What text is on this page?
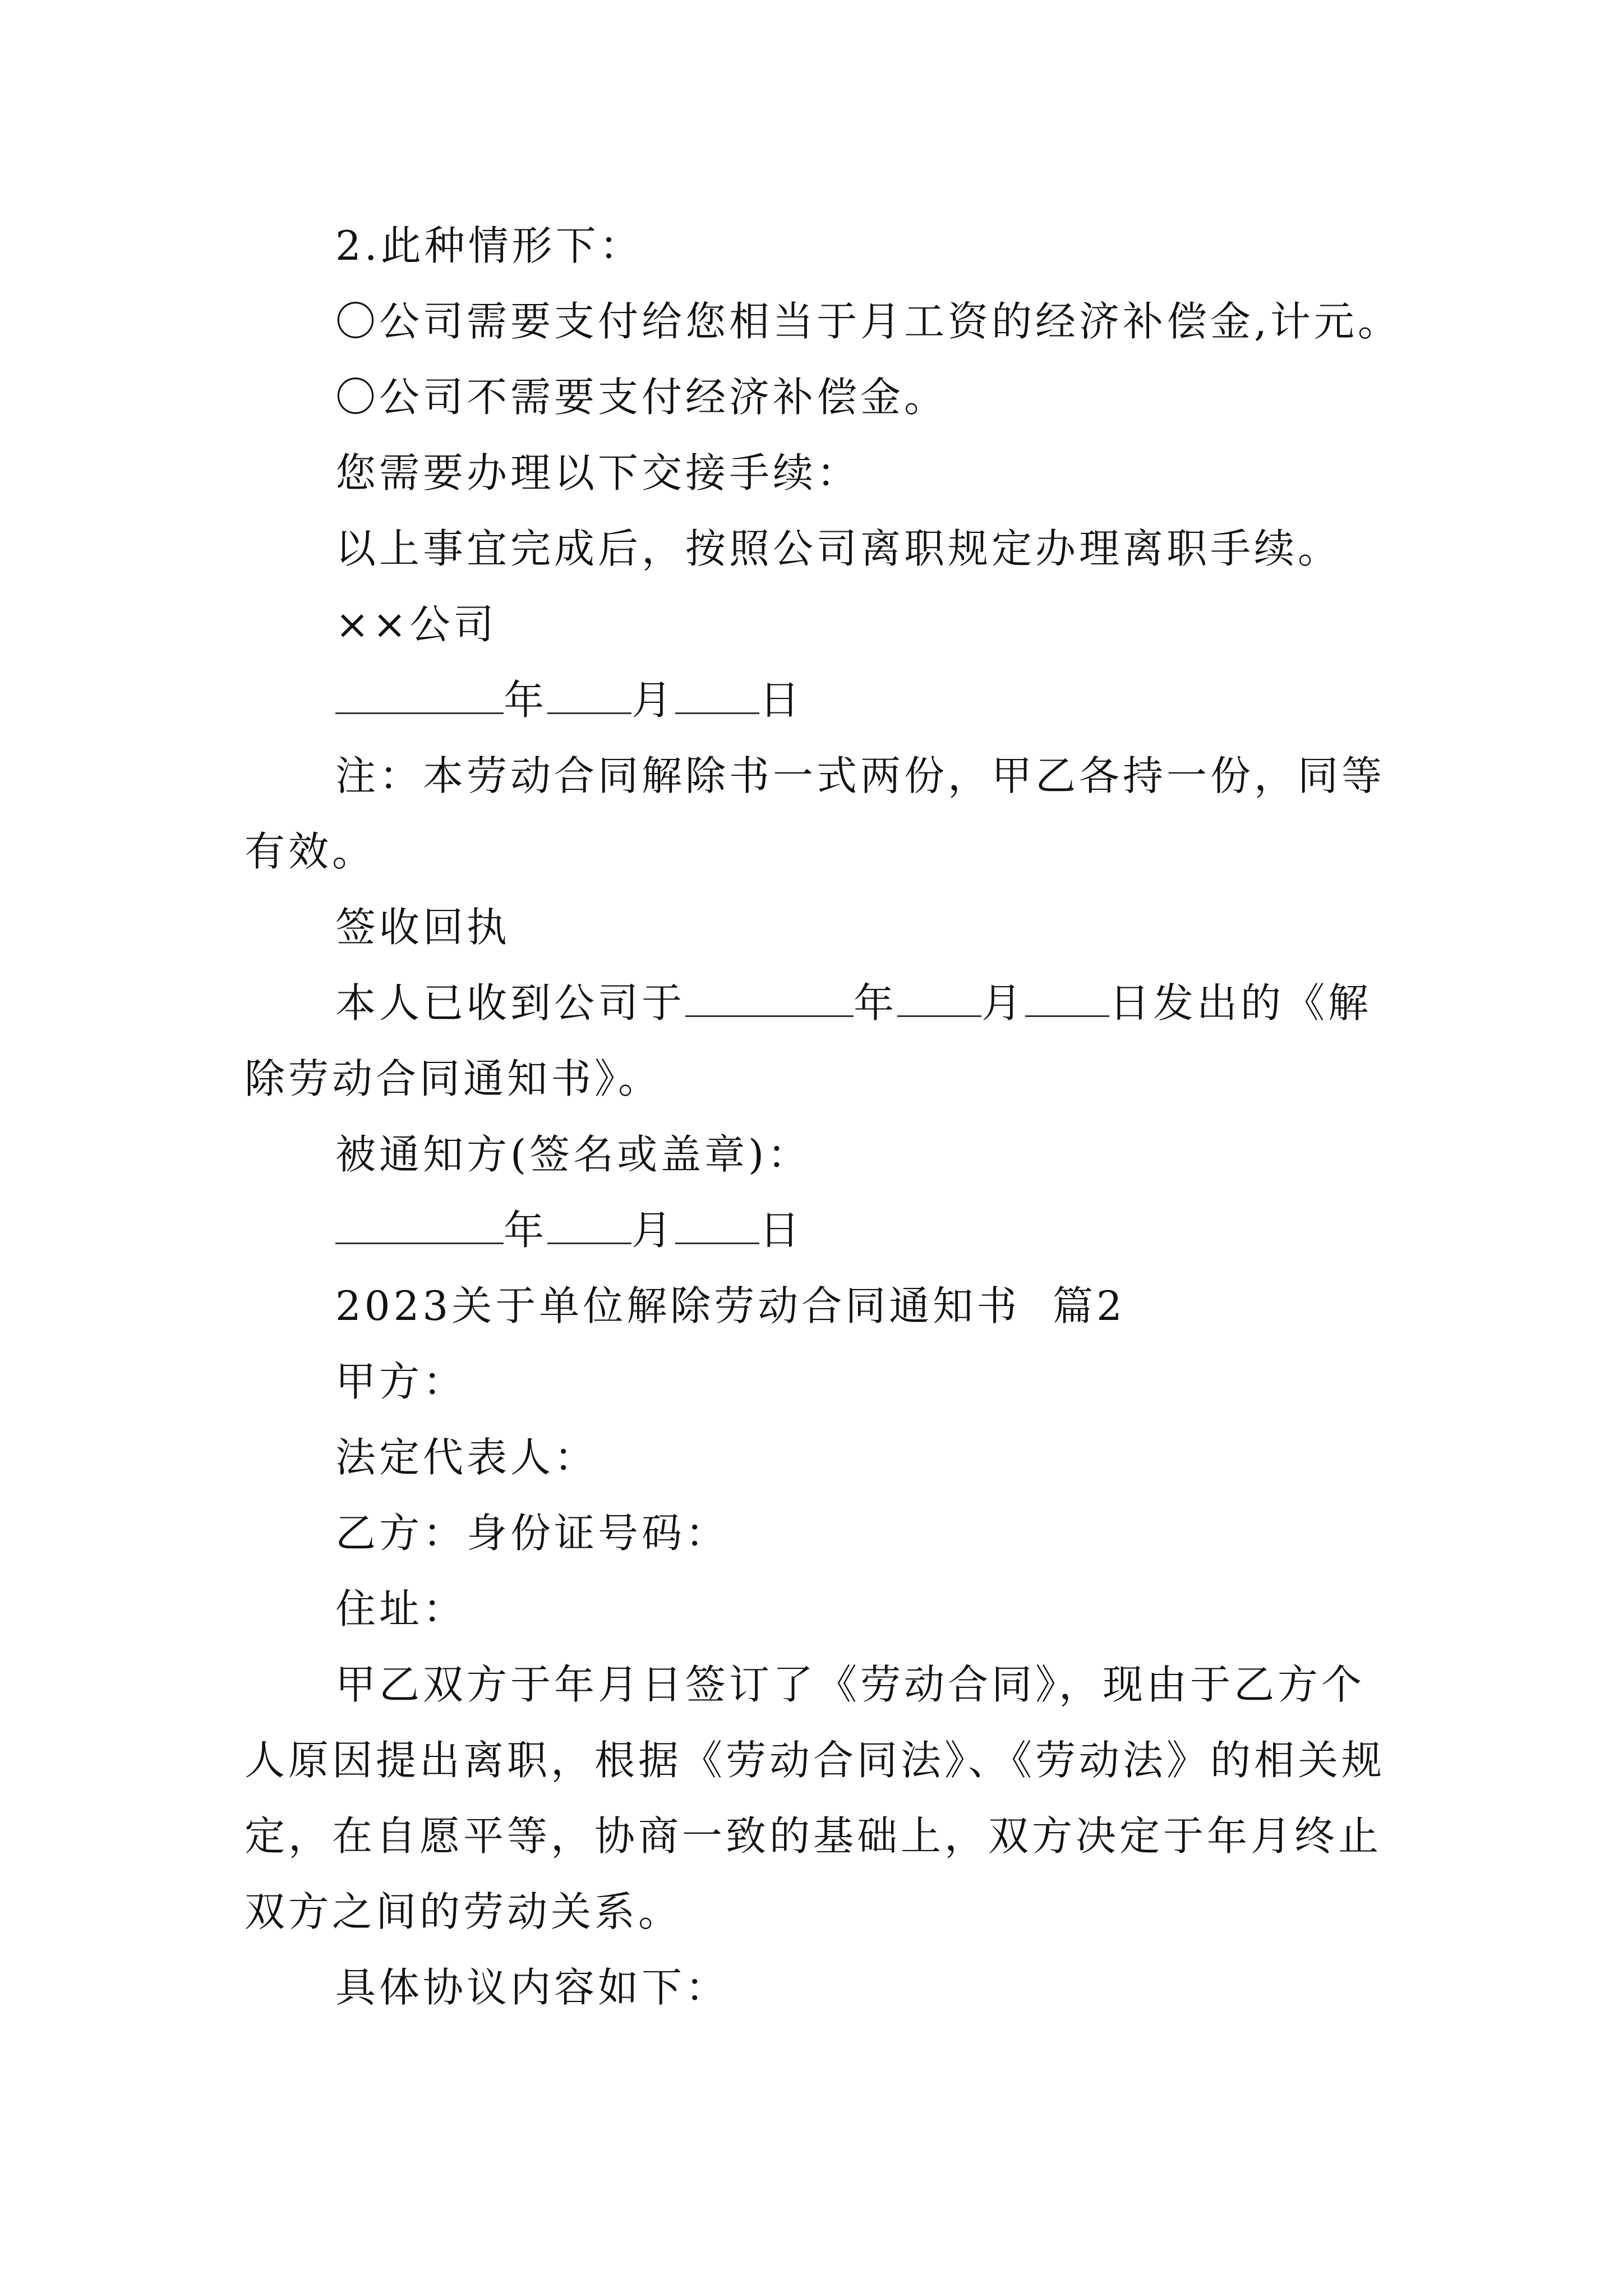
2.此种情形下：
〇公司需要支付给您相当于月工资的经济补偿金,计元。
〇公司不需要支付经济补偿金。
您需要办理以下交接手续：
以上事宜完成后，按照公司离职规定办理离职手续。
××公司
年 月 日
注：本劳动合同解除书一式两份，甲乙各持一份，同等
有效。
签收回执
本人已收到公司于	年 月 日发出的《解
除劳动合同通知书》。
被通知方(签名或盖章)：
年 月 日
2023关于单位解除劳动合同通知书  篇2
甲方：
法定代表人：
乙方：身份证号码：
住址：
甲乙双方于年月日签订了《劳动合同》，现由于乙方个
人原因提出离职，根据《劳动合同法》、《劳动法》的相关规
定，在自愿平等，协商一致的基础上，双方决定于年月终止
双方之间的劳动关系。
具体协议内容如下：
